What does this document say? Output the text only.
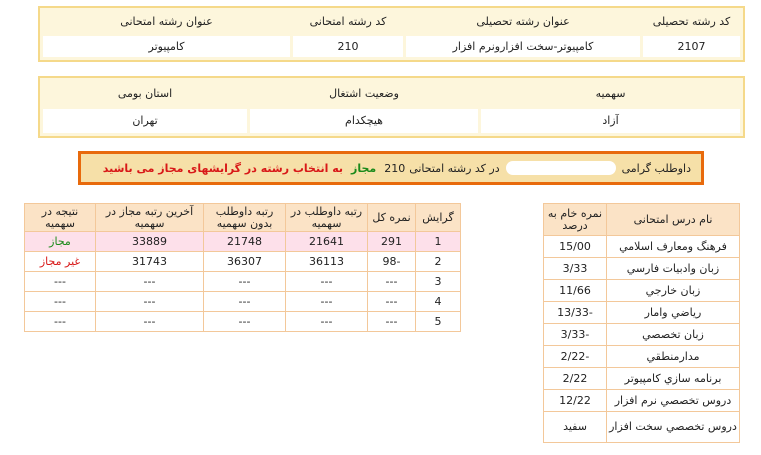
کد رشته تحصیلی	عنوان رشته تحصیلی	کد رشته امتحانی	عنوان رشته امتحانی
2107	کامپیوتر-سخت افزارونرم افزار	210	کامپیوتر
سهمیه	وضعیت اشتغال	استان بومی
آزاد	هیچکدام	تهران
داوطلب گرامی
در کد رشته امتحانی
210
مجاز
به انتخاب رشته در گرایشهای مجاز می باشید
نام درس امتحانی	نمره خام به درصد
فرهنگ ومعارف اسلامي	15/00
زبان وادبيات فارسي	3/33
زبان خارجي	11/66
رياضي وامار	-13/33
زبان تخصصي	-3/33
مدارمنطقي	-2/22
برنامه سازي کامپيوتر	2/22
دروس تخصصي نرم افزار	12/22
دروس تخصصي سخت افزار	سفيد
گرایش	نمره کل	رتبه داوطلب در سهمیه	رتبه داوطلب بدون سهمیه	آخرین رتبه مجاز در سهمیه	نتیجه در سهمیه
1	291	21641	21748	33889	مجاز
2	-98	36113	36307	31743	غیر مجاز
3	---	---	---	---	---
4	---	---	---	---	---
5	---	---	---	---	---
